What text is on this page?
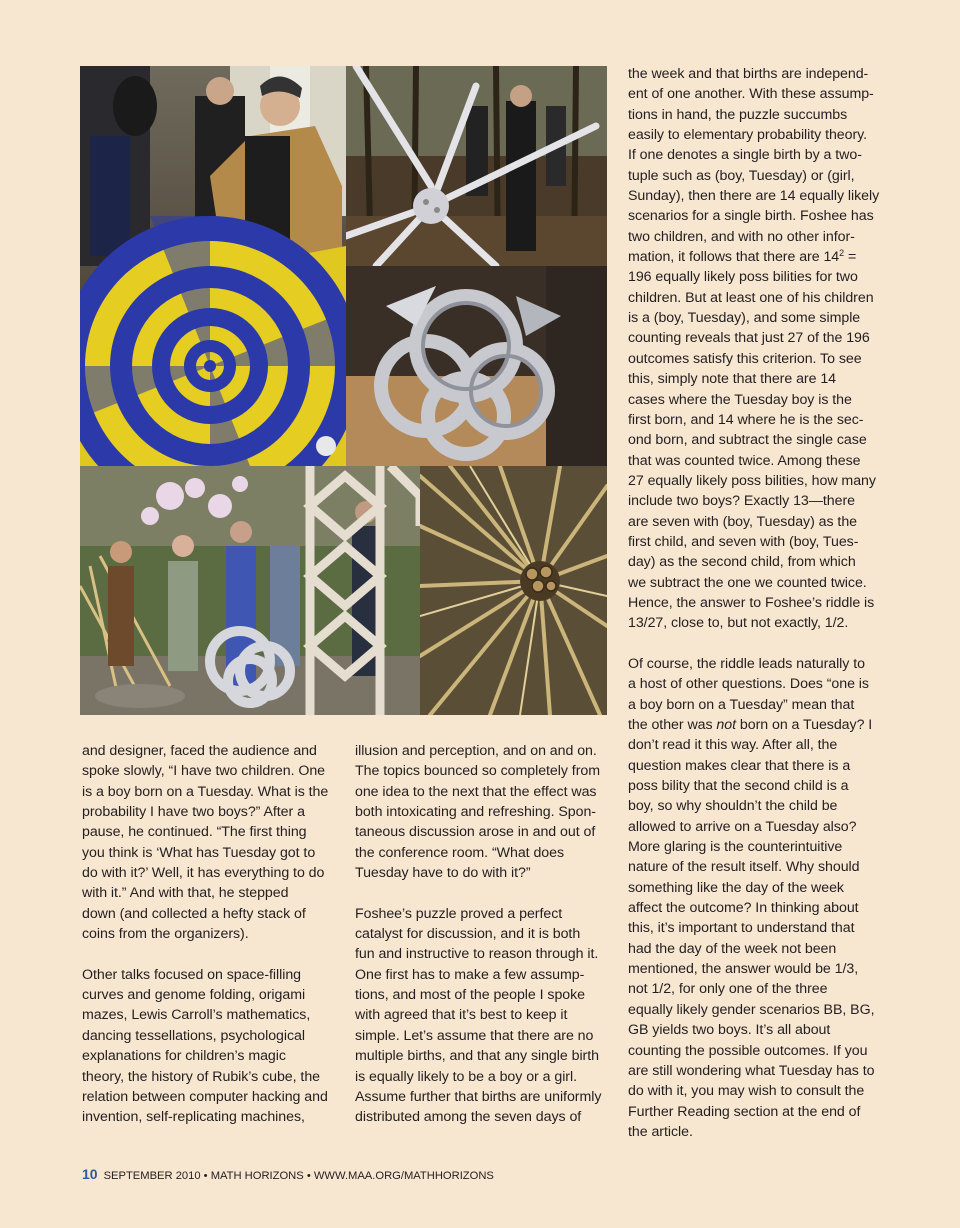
and designer, faced the audience and
spoke slowly, “I have two children. One
is a boy born on a Tuesday. What is the
probability I have two boys?” After a
pause, he continued. “The first thing
you think is ‘What has Tuesday got to
do with it?’ Well, it has everything to do
with it.” And with that, he stepped
down (and collected a hefty stack of
coins from the organizers).

Other talks focused on space-filling
curves and genome folding, origami
mazes, Lewis Carroll’s mathematics,
dancing tessellations, psychological
explanations for children’s magic
theory, the history of Rubik’s cube, the
relation between computer hacking and
invention, self-replicating machines,

illusion and perception, and on and on.
The topics bounced so completely from
one idea to the next that the effect was
both intoxicating and refreshing. Spon-
taneous discussion arose in and out of
the conference room. “What does
Tuesday have to do with it?”

Foshee’s puzzle proved a perfect
catalyst for discussion, and it is both
fun and instructive to reason through it.
One first has to make a few assump-
tions, and most of the people I spoke
with agreed that it’s best to keep it
simple. Let’s assume that there are no
multiple births, and that any single birth
is equally likely to be a boy or a girl.
Assume further that births are uniformly
distributed among the seven days of

the week and that births are independ-
ent of one another. With these assump-
tions in hand, the puzzle succumbs
easily to elementary probability theory.
If one denotes a single birth by a two-
tuple such as (boy, Tuesday) or (girl,
Sunday), then there are 14 equally likely
scenarios for a single birth. Foshee has
two children, and with no other infor-
mation, it follows that there are $14^2$ =
196 equally likely poss bilities for two
children. But at least one of his children
is a (boy, Tuesday), and some simple
counting reveals that just 27 of the 196
outcomes satisfy this criterion. To see
this, simply note that there are 14
cases where the Tuesday boy is the
first born, and 14 where he is the sec-
ond born, and subtract the single case
that was counted twice. Among these
27 equally likely poss bilities, how many
include two boys? Exactly 13—there
are seven with (boy, Tuesday) as the
first child, and seven with (boy, Tues-
day) as the second child, from which
we subtract the one we counted twice.
Hence, the answer to Foshee’s riddle is
13/27, close to, but not exactly, 1/2.

Of course, the riddle leads naturally to
a host of other questions. Does “one is
a boy born on a Tuesday” mean that
the other was not born on a Tuesday? I
don’t read it this way. After all, the
question makes clear that there is a
poss bility that the second child is a
boy, so why shouldn’t the child be
allowed to arrive on a Tuesday also?
More glaring is the counterintuitive
nature of the result itself. Why should
something like the day of the week
affect the outcome? In thinking about
this, it’s important to understand that
had the day of the week not been
mentioned, the answer would be 1/3,
not 1/2, for only one of the three
equally likely gender scenarios BB, BG,
GB yields two boys. It’s all about
counting the possible outcomes. If you
are still wondering what Tuesday has to
do with it, you may wish to consult the
Further Reading section at the end of
the article.

10 SEPTEMBER 2010 • MATH HORIZONS • WWW.MAA.ORG/MATHHORIZONS
